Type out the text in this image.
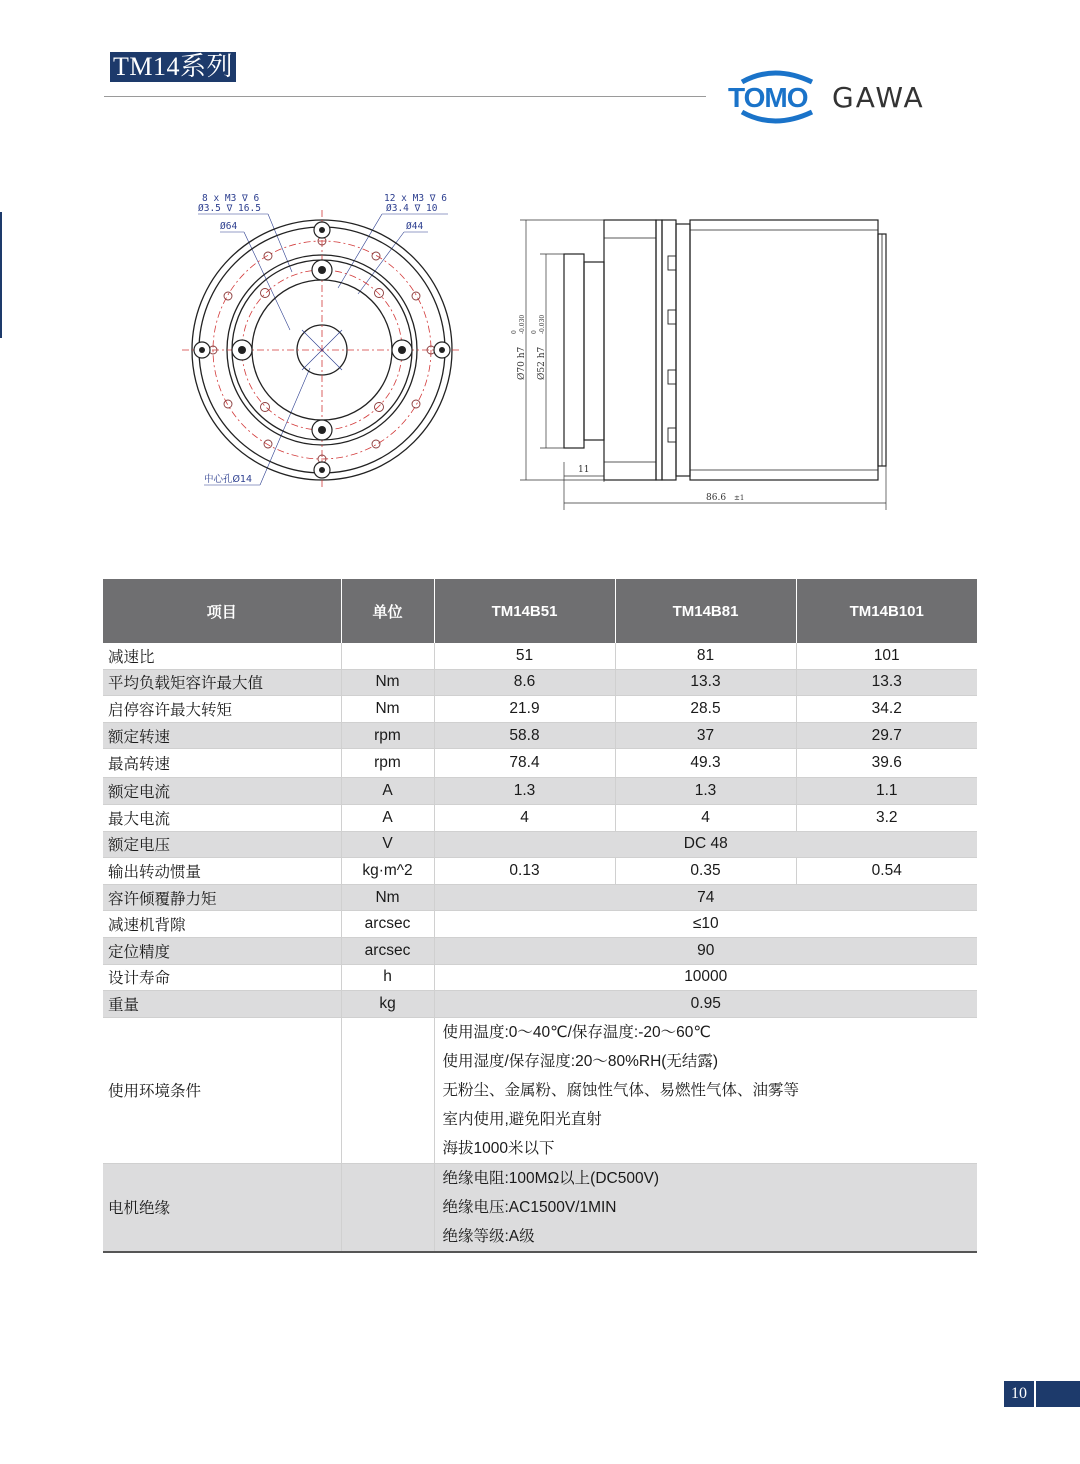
TM14系列
TOMO GAWA
8 x M3 ∇ 6
Ø3.5 ∇ 16.5
12 x M3 ∇ 6
Ø3.4 ∇ 10
Ø64	Ø44
中心孔Ø14
Ø70 h7
0 -0.030
Ø52 h7
0 -0.030
11
86.6 ±1
项目	单位	TM14B51	TM14B81	TM14B101
减速比		51	81	101
平均负载矩容许最大值	Nm	8.6	13.3	13.3
启停容许最大转矩	Nm	21.9	28.5	34.2
额定转速	rpm	58.8	37	29.7
最高转速	rpm	78.4	49.3	39.6
额定电流	A	1.3	1.3	1.1
最大电流	A	4	4	3.2
额定电压	V	DC 48		
输出转动惯量	kg·m^2	0.13	0.35	0.54
容许倾覆静力矩	Nm	74		
减速机背隙	arcsec	≤10		
定位精度	arcsec	90		
设计寿命	h	10000		
重量	kg	0.95		
使用环境条件		使用温度:0～40℃/保存温度:-20～60℃
使用湿度/保存湿度:20～80%RH(无结露)
无粉尘、金属粉、腐蚀性气体、易燃性气体、油雾等
室内使用,避免阳光直射
海拔1000米以下		

电机绝缘		绝缘电阻:100MΩ以上(DC500V)
绝缘电压:AC1500V/1MIN
绝缘等级:A级		
10
